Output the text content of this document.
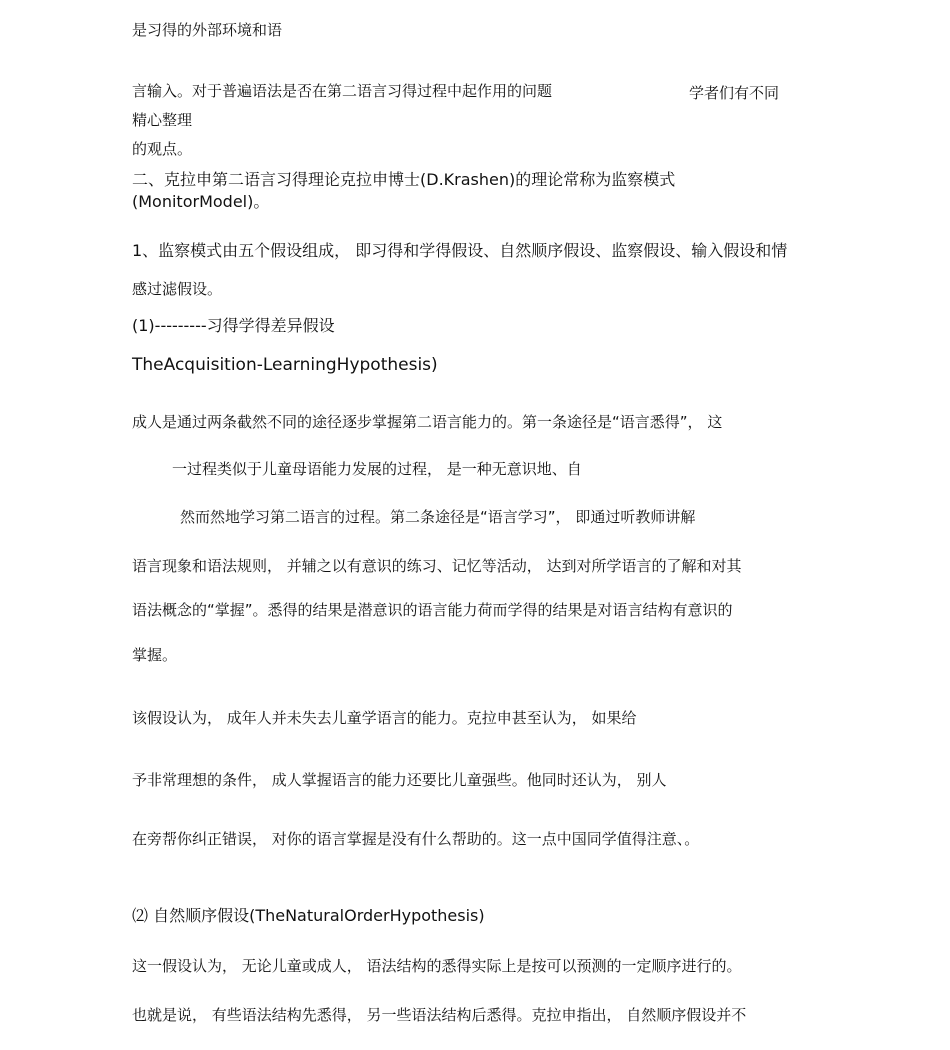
是习得的外部环境和语
言输入。对于普遍语法是否在第二语言习得过程中起作用的问题	学者们有不同
精心整理
的观点。
二、克拉申第二语言习得理论克拉申博士(D.Krashen)的理论常称为监察模式
(MonitorModel)。
1、监察模式由五个假设组成， 即习得和学得假设、自然顺序假设、监察假设、输入假设和情
感过滤假设。
(1)---------习得学得差异假设
TheAcquisition-LearningHypothesis)
成人是通过两条截然不同的途径逐步掌握第二语言能力的。第一条途径是“语言悉得”， 这
一过程类似于儿童母语能力发展的过程， 是一种无意识地、自
然而然地学习第二语言的过程。第二条途径是“语言学习”， 即通过听教师讲解
语言现象和语法规则， 并辅之以有意识的练习、记忆等活动， 达到对所学语言的了解和对其
语法概念的“掌握”。悉得的结果是潜意识的语言能力荷而学得的结果是对语言结构有意识的
掌握。
该假设认为， 成年人并未失去儿童学语言的能力。克拉申甚至认为， 如果给
予非常理想的条件， 成人掌握语言的能力还要比儿童强些。他同时还认为， 别人
在旁帮你纠正错误， 对你的语言掌握是没有什么帮助的。这一点中国同学值得注意、。
⑵ 自然顺序假设(TheNaturalOrderHypothesis)
这一假设认为， 无论儿童或成人， 语法结构的悉得实际上是按可以预测的一定顺序进行的。
也就是说， 有些语法结构先悉得， 另一些语法结构后悉得。克拉申指出， 自然顺序假设并不
